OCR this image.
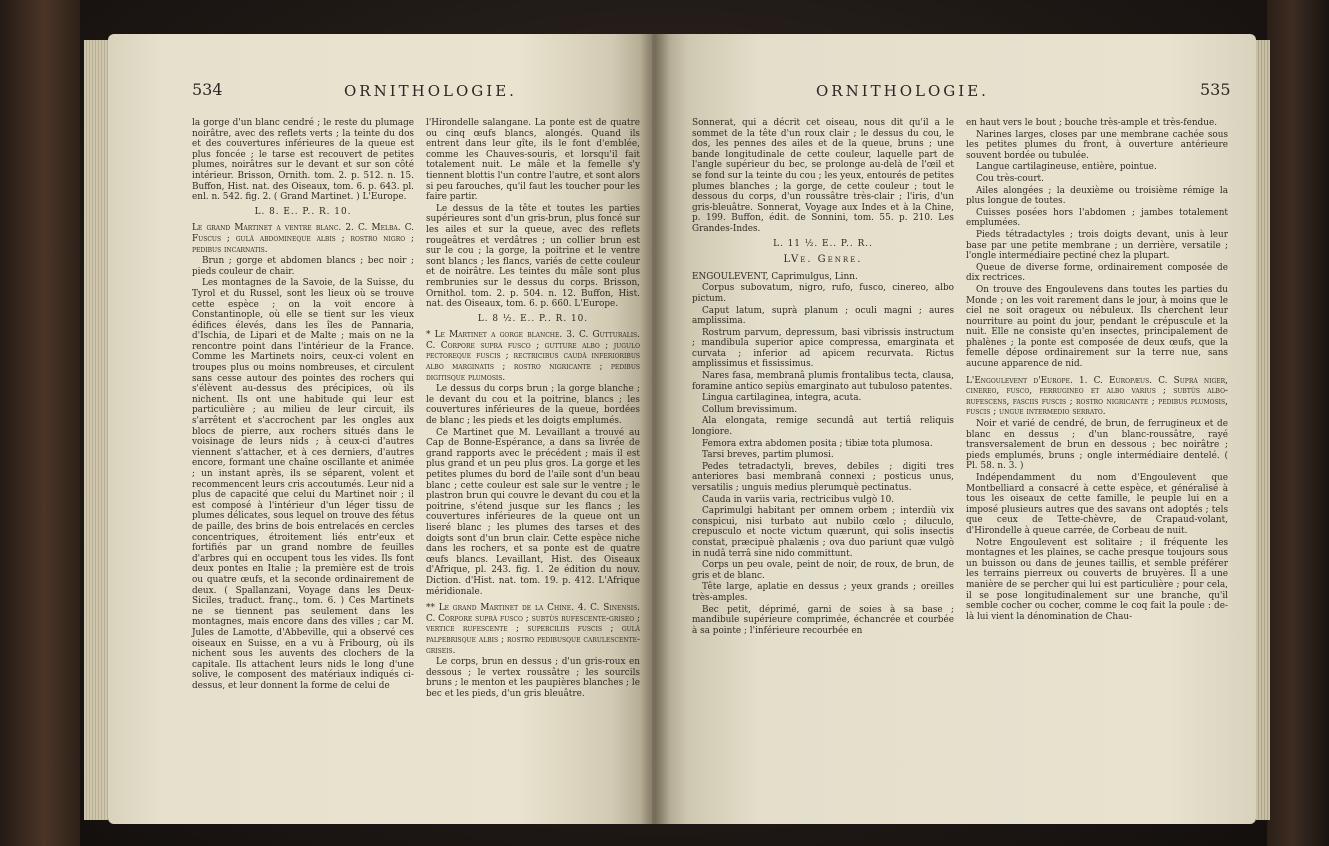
534	ORNITHOLOGIE.

la gorge d'un blanc cendré ; le reste du plumage noirâtre, avec des reflets verts ; la teinte du dos et des couvertures inférieures de la queue est plus foncée ; le tarse est recouvert de petites plumes, noirâtres sur le devant et sur son côté intérieur. Brisson, Ornith. tom. 2. p. 512. n. 15. Buffon, Hist. nat. des Oiseaux, tom. 6. p. 643. pl. enl. n. 542. fig. 2. ( Grand Martinet. ) L'Europe.

L. 8. E.. P.. R. 10.

Le grand Martinet a ventre blanc. 2. C. Melba. C. Fuscus ; gulâ abdomineque albis ; rostro nigro ; pedibus incarnatis.

Brun ; gorge et abdomen blancs ; bec noir ; pieds couleur de chair.

Les montagnes de la Savoie, de la Suisse, du Tyrol et du Russel, sont les lieux où se trouve cette espèce ; on la voit encore à Constantinople, où elle se tient sur les vieux édifices élevés, dans les îles de Pannaria, d'Ischia, de Lipari et de Malte ; mais on ne la rencontre point dans l'intérieur de la France. Comme les Martinets noirs, ceux-ci volent en troupes plus ou moins nombreuses, et circulent sans cesse autour des pointes des rochers qui s'élèvent au-dessus des précipices, où ils nichent. Ils ont une habitude qui leur est particulière ; au milieu de leur circuit, ils s'arrêtent et s'accrochent par les ongles aux blocs de pierre, aux rochers situés dans le voisinage de leurs nids ; à ceux-ci d'autres viennent s'attacher, et à ces derniers, d'autres encore, formant une chaîne oscillante et animée ; un instant après, ils se séparent, volent et recommencent leurs cris accoutumés. Leur nid a plus de capacité que celui du Martinet noir ; il est composé à l'intérieur d'un léger tissu de plumes délicates, sous lequel on trouve des fétus de paille, des brins de bois entrelacés en cercles concentriques, étroitement liés entr'eux et fortifiés par un grand nombre de feuilles d'arbres qui en occupent tous les vides. Ils font deux pontes en Italie ; la première est de trois ou quatre œufs, et la seconde ordinairement de deux. ( Spallanzani, Voyage dans les Deux-Siciles, traduct. franç., tom. 6. ) Ces Martinets ne se tiennent pas seulement dans les montagnes, mais encore dans des villes ; car M. Jules de Lamotte, d'Abbeville, qui a observé ces oiseaux en Suisse, en a vu à Fribourg, où ils nichent sous les auvents des clochers de la capitale. Ils attachent leurs nids le long d'une solive, le composent des matériaux indiqués ci-dessus, et leur donnent la forme de celui de

l'Hirondelle salangane. La ponte est de quatre ou cinq œufs blancs, alongés. Quand ils entrent dans leur gîte, ils le font d'emblée, comme les Chauves-souris, et lorsqu'il fait totalement nuit. Le mâle et la femelle s'y tiennent blottis l'un contre l'autre, et sont alors si peu farouches, qu'il faut les toucher pour les faire partir.

Le dessus de la tête et toutes les parties supérieures sont d'un gris-brun, plus foncé sur les ailes et sur la queue, avec des reflets rougeâtres et verdâtres ; un collier brun est sur le cou ; la gorge, la poitrine et le ventre sont blancs ; les flancs, variés de cette couleur et de noirâtre. Les teintes du mâle sont plus rembrunies sur le dessus du corps. Brisson, Ornithol. tom. 2. p. 504. n. 12. Buffon, Hist. nat. des Oiseaux, tom. 6. p. 660. L'Europe.

L. 8 ½. E.. P.. R. 10.

* Le Martinet a gorge blanche. 3. C. Gutturalis. C. Corpore suprà fusco ; gutture albo ; jugulo pectoreque fuscis ; rectricibus caudâ inferioribus albo marginatis ; rostro nigricante ; pedibus digitisque plumosis.

Le dessus du corps brun ; la gorge blanche ; le devant du cou et la poitrine, blancs ; les couvertures inférieures de la queue, bordées de blanc ; les pieds et les doigts emplumés.

Ce Martinet que M. Levaillant a trouvé au Cap de Bonne-Espérance, a dans sa livrée de grand rapports avec le précédent ; mais il est plus grand et un peu plus gros. La gorge et les petites plumes du bord de l'aile sont d'un beau blanc ; cette couleur est sale sur le ventre ; le plastron brun qui couvre le devant du cou et la poitrine, s'étend jusque sur les flancs ; les couvertures inférieures de la queue ont un liseré blanc ; les plumes des tarses et des doigts sont d'un brun clair. Cette espèce niche dans les rochers, et sa ponte est de quatre œufs blancs. Levaillant, Hist. des Oiseaux d'Afrique, pl. 243. fig. 1. 2e édition du nouv. Diction. d'Hist. nat. tom. 19. p. 412. L'Afrique méridionale.

** Le grand Martinet de la Chine. 4. C. Sinensis. C. Corpore suprà fusco ; subtùs rufescente-griseo ; vertice rufescente ; superciliis fuscis ; gulâ palpebrisque albis ; rostro pedibusque carulescente-griseis.

Le corps, brun en dessus ; d'un gris-roux en dessous ; le vertex roussâtre ; les sourcils bruns ; le menton et les paupières blanches ; le bec et les pieds, d'un gris bleuâtre.

ORNITHOLOGIE.	535

Sonnerat, qui a décrit cet oiseau, nous dit qu'il a le sommet de la tête d'un roux clair ; le dessus du cou, le dos, les pennes des ailes et de la queue, bruns ; une bande longitudinale de cette couleur, laquelle part de l'angle supérieur du bec, se prolonge au-delà de l'œil et se fond sur la teinte du cou ; les yeux, entourés de petites plumes blanches ; la gorge, de cette couleur ; tout le dessous du corps, d'un roussâtre très-clair ; l'iris, d'un gris-bleuâtre. Sonnerat, Voyage aux Indes et à la Chine, p. 199. Buffon, édit. de Sonnini, tom. 55. p. 210. Les Grandes-Indes.

L. 11 ½. E.. P.. R..

LVe. Genre.

ENGOULEVENT, Caprimulgus, Linn.

Corpus subovatum, nigro, rufo, fusco, cinereo, albo pictum.

Caput latum, suprà planum ; oculi magni ; aures amplissima.

Rostrum parvum, depressum, basi vibrissis instructum ; mandibula superior apice compressa, emarginata et curvata ; inferior ad apicem recurvata. Rictus amplissimus et fississimus.

Nares fasa, membranâ plumis frontalibus tecta, clausa, foramine antico sepiùs emarginato aut tubuloso patentes.

Lingua cartilaginea, integra, acuta.

Collum brevissimum.

Ala elongata, remige secundâ aut tertiâ reliquis longiore.

Femora extra abdomen posita ; tibiæ tota plumosa.

Tarsi breves, partim plumosi.

Pedes tetradactyli, breves, debiles ; digiti tres anteriores basi membranâ connexi ; posticus unus, versatilis ; unguis medius plerumquè pectinatus.

Cauda in variis varia, rectricibus vulgò 10.

Caprimulgi habitant per omnem orbem ; interdiù vix conspicui, nisi turbato aut nubilo cœlo ; diluculo, crepusculo et nocte victum quærunt, qui solis insectis constat, præcipuè phalænis ; ova duo pariunt quæ vulgò in nudâ terrâ sine nido committunt.

Corps un peu ovale, peint de noir, de roux, de brun, de gris et de blanc.

Tête large, aplatie en dessus ; yeux grands ; oreilles très-amples.

Bec petit, déprimé, garni de soies à sa base ; mandibule supérieure comprimée, échancrée et courbée à sa pointe ; l'inférieure recourbée en

en haut vers le bout ; bouche très-ample et très-fendue.

Narines larges, closes par une membrane cachée sous les petites plumes du front, à ouverture antérieure souvent bordée ou tubulée.

Langue cartilagineuse, entière, pointue.

Cou très-court.

Ailes alongées ; la deuxième ou troisième rémige la plus longue de toutes.

Cuisses posées hors l'abdomen ; jambes totalement emplumées.

Pieds tétradactyles ; trois doigts devant, unis à leur base par une petite membrane ; un derrière, versatile ; l'ongle intermédiaire pectiné chez la plupart.

Queue de diverse forme, ordinairement composée de dix rectrices.

On trouve des Engoulevens dans toutes les parties du Monde ; on les voit rarement dans le jour, à moins que le ciel ne soit orageux ou nébuleux. Ils cherchent leur nourriture au point du jour, pendant le crépuscule et la nuit. Elle ne consiste qu'en insectes, principalement de phalènes ; la ponte est composée de deux œufs, que la femelle dépose ordinairement sur la terre nue, sans aucune apparence de nid.

L'Engoulevent d'Europe. 1. C. Europæus. C. Suprà niger, cinereo, fusco, ferrugineo et albo varius ; subtùs albo-rufescens, fasciis fuscis ; rostro nigricante ; pedibus plumosis, fuscis ; ungue intermedio serrato.

Noir et varié de cendré, de brun, de ferrugineux et de blanc en dessus ; d'un blanc-roussâtre, rayé transversalement de brun en dessous ; bec noirâtre ; pieds emplumés, bruns ; ongle intermédiaire dentelé. ( Pl. 58. n. 3. )

Indépendamment du nom d'Engoulevent que Montbelliard a consacré à cette espèce, et généralisé à tous les oiseaux de cette famille, le peuple lui en a imposé plusieurs autres que des savans ont adoptés ; tels que ceux de Tette-chèvre, de Crapaud-volant, d'Hirondelle à queue carrée, de Corbeau de nuit.

Notre Engoulevent est solitaire ; il fréquente les montagnes et les plaines, se cache presque toujours sous un buisson ou dans de jeunes taillis, et semble préférer les terrains pierreux ou couverts de bruyères. Il a une manière de se percher qui lui est particulière ; pour cela, il se pose longitudinalement sur une branche, qu'il semble cocher ou cocher, comme le coq fait la poule : de-là lui vient la dénomination de Chau-
